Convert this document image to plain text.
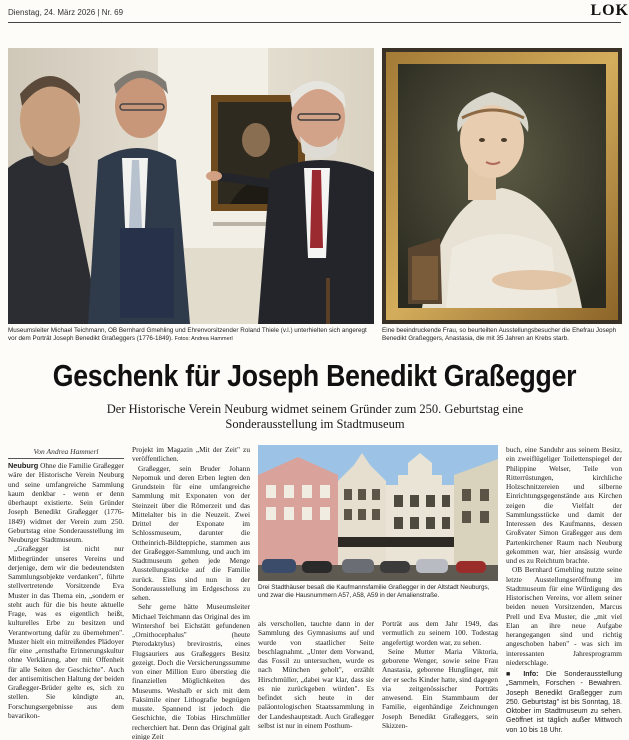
Dienstag, 24. März 2026 | Nr. 69	LOK
Museumsleiter Michael Teichmann, OB Bernhard Gmehling und Ehrenvorsitzender Roland Thiele (v.l.) unterhielten sich angeregt vor dem Porträt Joseph Benedikt Graßeggers (1776-1849). Fotos: Andrea Hammerl
Eine beeindruckende Frau, so beurteilten Ausstellungsbesucher die Ehefrau Joseph Benedikt Graßeggers, Anastasia, die mit 35 Jahren an Krebs starb.
Geschenk für Joseph Benedikt Graßegger
Der Historische Verein Neuburg widmet seinem Gründer zum 250. Geburtstag eine Sonderausstellung im Stadtmuseum
Von Andrea Hammerl

Neuburg Ohne die Familie Graßegger wäre der Historische Verein Neuburg und seine umfangreiche Sammlung kaum denkbar - wenn er denn überhaupt existierte. Sein Gründer Joseph Benedikt Graßegger (1776-1849) widmet der Verein zum 250. Geburtstag eine Sonderausstellung im Neuburger Stadtmuseum.

„Graßegger ist nicht nur Mitbegründer unseres Vereins und derjenige, dem wir die bedeutendsten Sammlungsobjekte verdanken", führte stellvertretende Vorsitzende Eva Muster in das Thema ein, „sondern er steht auch für die bis heute aktuelle Frage, was es eigentlich heißt, kulturelles Erbe zu besitzen und Verantwortung dafür zu übernehmen". Muster hielt ein mitreißendes Plädoyer für eine „ernsthafte Erinnerungskultur ohne Verklärung, aber mit Offenheit für alle Seiten der Geschichte". Auch der antisemitischen Haltung der beiden Graßegger-Brüder gelte es, sich zu stellen. Sie kündigte an, Forschungsergebnisse aus dem bavarikon-

Projekt im Magazin „Mit der Zeit" zu veröffentlichen.

Graßegger, sein Bruder Johann Nepomuk und deren Erben legten den Grundstein für eine umfangreiche Sammlung mit Exponaten von der Steinzeit über die Römerzeit und das Mittelalter bis in die Neuzeit. Zwei Drittel der Exponate im Schlossmuseum, darunter die Ottheinrich-Bildteppiche, stammen aus der Graßegger-Sammlung, und auch im Stadtmuseum gehen jede Menge Ausstellungsstücke auf die Familie zurück. Eins sind nun in der Sonderausstellung im Erdgeschoss zu sehen.

Sehr gerne hätte Museumsleiter Michael Teichmann das Original des im Wintershof bei Eichstätt gefundenen „Ornithocephalus" (heute Pterodaktylus) brevirostris, eines Flugsauriers aus Graßeggers Besitz gezeigt. Doch die Versicherungssumme von einer Million Euro überstieg die finanziellen Möglichkeiten des Museums. Weshalb er sich mit dem Faksimile einer Lithografie begnügen musste. Spannend ist jedoch die Geschichte, die Tobias Hirschmüller recherchiert hat. Denn das Original galt einige Zeit

Drei Stadthäuser besaß die Kaufmannsfamilie Graßegger in der Altstadt Neuburgs, und zwar die Hausnummern A57, A58, A59 in der Amalienstraße.

als verschollen, tauchte dann in der Sammlung des Gymnasiums auf und wurde von staatlicher Seite beschlagnahmt. „Unter dem Vorwand, das Fossil zu untersuchen, wurde es nach München geholt", erzählt Hirschmüller, „dabei war klar, dass sie es nie zurückgeben würden". Es befindet sich heute in der paläontologischen Staatssammlung in der Landeshauptstadt. Auch Graßegger selbst ist nur in einem Posthum-

Porträt aus dem Jahr 1949, das vermutlich zu seinem 100. Todestag angefertigt worden war, zu sehen.

Seine Mutter Maria Viktoria, geborene Wenger, sowie seine Frau Anastasia, geborene Hunglinger, mit der er sechs Kinder hatte, sind dagegen via zeitgenössischer Porträts anwesend. Ein Stammbaum der Familie, eigenhändige Zeichnungen Joseph Benedikt Graßeggers, sein Skizzen-

buch, eine Sanduhr aus seinem Besitz, ein zweiflügeliger Toilettenspiegel der Philippine Welser, Teile von Ritterrüstungen, kirchliche Holzschnitzereien und silberne Einrichtungsgegenstände aus Kirchen zeigen die Vielfalt der Sammlungsstücke und damit der Interessen des Kaufmanns, dessen Großvater Simon Graßegger aus dem Partenkirchener Raum nach Neuburg gekommen war, hier ansässig wurde und es zu Reichtum brachte.

OB Bernhard Gmehling nutzte seine letzte Ausstellungseröffnung im Stadtmuseum für eine Würdigung des Historischen Vereins, vor allem seiner beiden neuen Vorsitzenden, Marcus Prell und Eva Muster, die „mit viel Elan an ihre neue Aufgabe herangegangen sind und richtig angeschoben haben" - was sich im interessanten Jahresprogramm niederschlage.

■ Info: Die Sonderausstellung „Sammeln, Forschen - Bewahren. Joseph Benedikt Graßegger zum 250. Geburtstag" ist bis Sonntag, 18. Oktober im Stadtmuseum zu sehen. Geöffnet ist täglich außer Mittwoch von 10 bis 18 Uhr.
